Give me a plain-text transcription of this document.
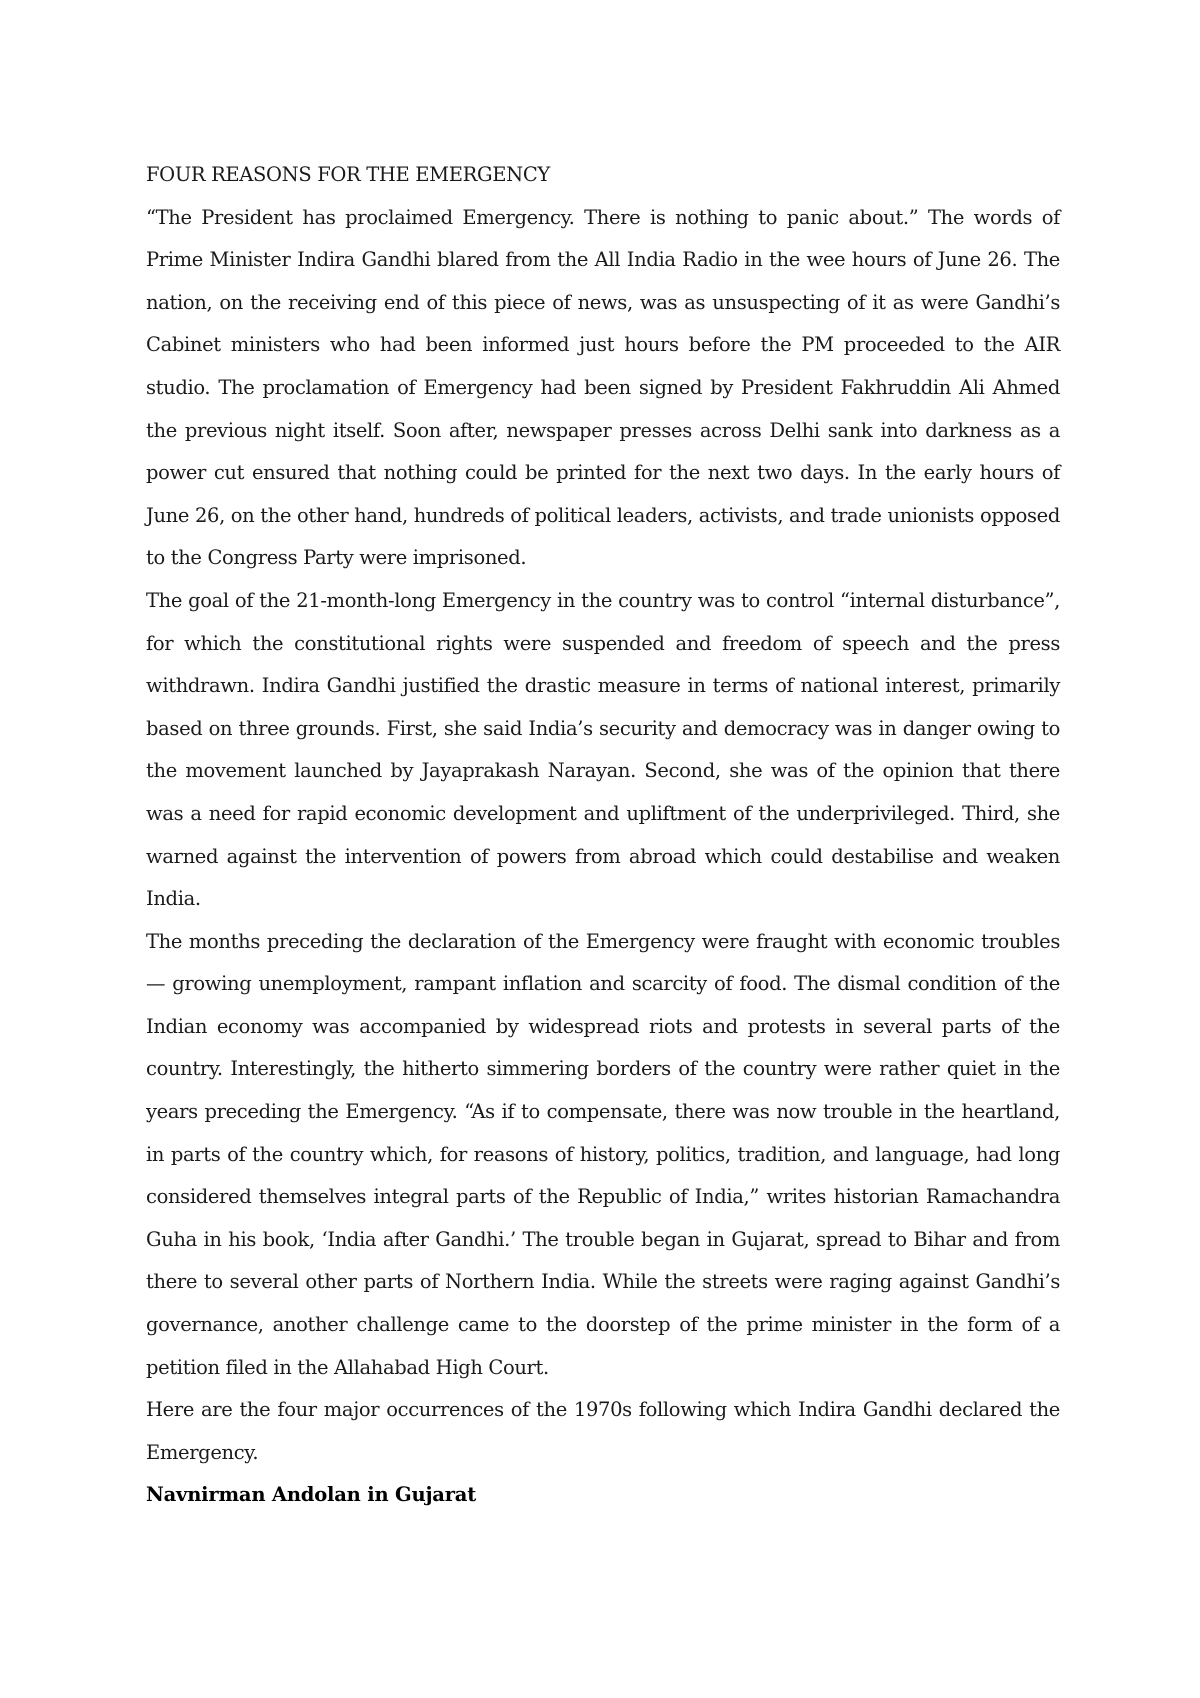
FOUR REASONS FOR THE EMERGENCY

“The President has proclaimed Emergency. There is nothing to panic about.” The words of Prime Minister Indira Gandhi blared from the All India Radio in the wee hours of June 26. The nation, on the receiving end of this piece of news, was as unsuspecting of it as were Gandhi’s Cabinet ministers who had been informed just hours before the PM proceeded to the AIR studio. The proclamation of Emergency had been signed by President Fakhruddin Ali Ahmed the previous night itself. Soon after, newspaper presses across Delhi sank into darkness as a power cut ensured that nothing could be printed for the next two days. In the early hours of June 26, on the other hand, hundreds of political leaders, activists, and trade unionists opposed to the Congress Party were imprisoned.

The goal of the 21-month-long Emergency in the country was to control “internal disturbance”, for which the constitutional rights were suspended and freedom of speech and the press withdrawn. Indira Gandhi justified the drastic measure in terms of national interest, primarily based on three grounds. First, she said India’s security and democracy was in danger owing to the movement launched by Jayaprakash Narayan. Second, she was of the opinion that there was a need for rapid economic development and upliftment of the underprivileged. Third, she warned against the intervention of powers from abroad which could destabilise and weaken India.

The months preceding the declaration of the Emergency were fraught with economic troubles — growing unemployment, rampant inflation and scarcity of food. The dismal condition of the Indian economy was accompanied by widespread riots and protests in several parts of the country. Interestingly, the hitherto simmering borders of the country were rather quiet in the years preceding the Emergency. “As if to compensate, there was now trouble in the heartland, in parts of the country which, for reasons of history, politics, tradition, and language, had long considered themselves integral parts of the Republic of India,” writes historian Ramachandra Guha in his book, ‘India after Gandhi.’ The trouble began in Gujarat, spread to Bihar and from there to several other parts of Northern India. While the streets were raging against Gandhi’s governance, another challenge came to the doorstep of the prime minister in the form of a petition filed in the Allahabad High Court.

Here are the four major occurrences of the 1970s following which Indira Gandhi declared the Emergency.

Navnirman Andolan in Gujarat
